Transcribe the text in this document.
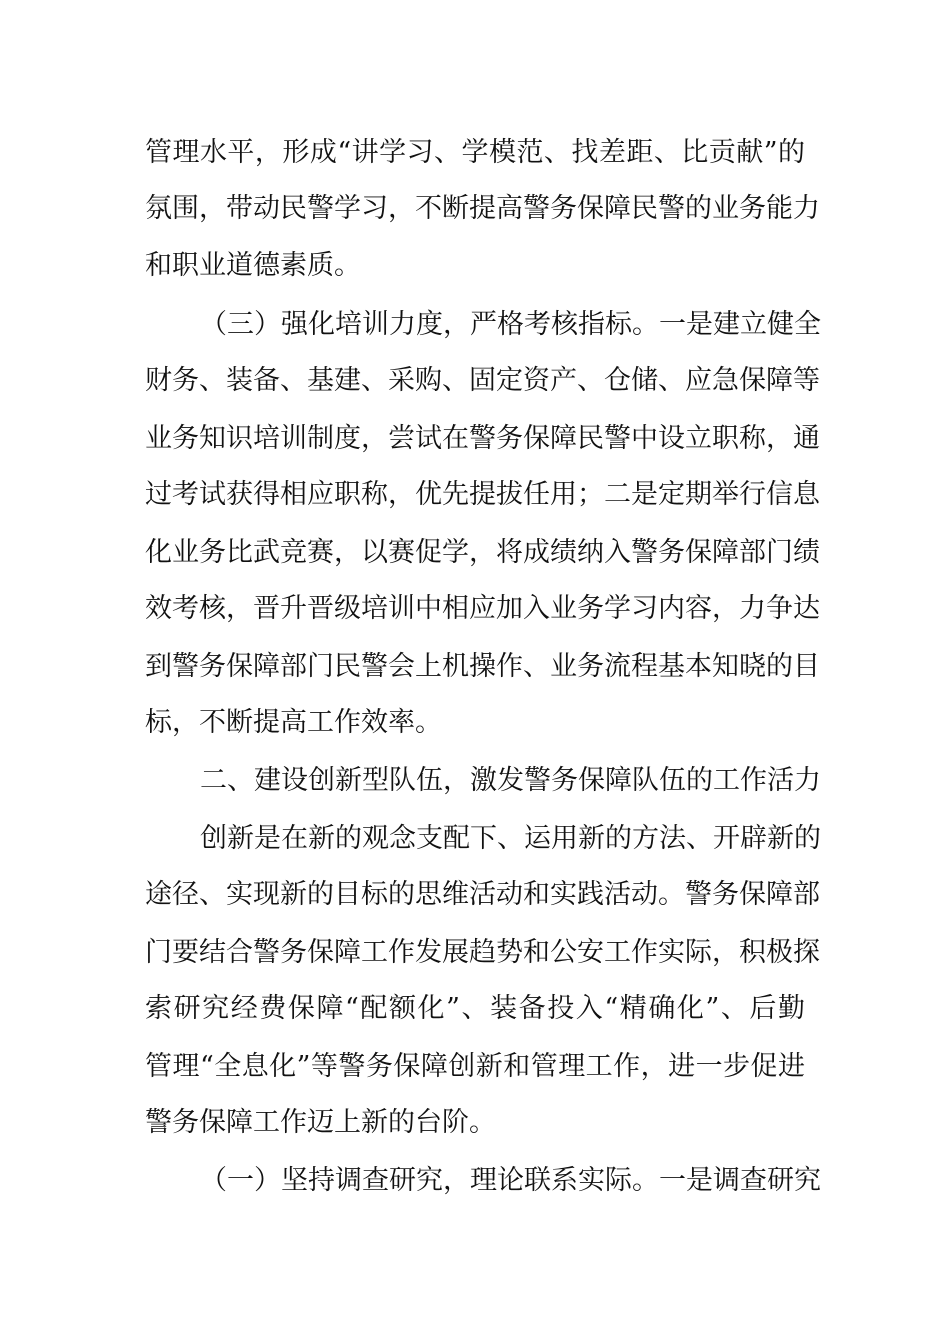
管理水平，形成“讲学习、学模范、找差距、比贡献”的
氛围，带动民警学习，不断提高警务保障民警的业务能力
和职业道德素质。
（三）强化培训力度，严格考核指标。一是建立健全
财务、装备、基建、采购、固定资产、仓储、应急保障等
业务知识培训制度，尝试在警务保障民警中设立职称，通
过考试获得相应职称，优先提拔任用；二是定期举行信息
化业务比武竞赛，以赛促学，将成绩纳入警务保障部门绩
效考核，晋升晋级培训中相应加入业务学习内容，力争达
到警务保障部门民警会上机操作、业务流程基本知晓的目
标，不断提高工作效率。
二、建设创新型队伍，激发警务保障队伍的工作活力
创新是在新的观念支配下、运用新的方法、开辟新的
途径、实现新的目标的思维活动和实践活动。警务保障部
门要结合警务保障工作发展趋势和公安工作实际，积极探
索研究经费保障“配额化”、装备投入“精确化”、后勤
管理“全息化”等警务保障创新和管理工作，进一步促进
警务保障工作迈上新的台阶。
（一）坚持调查研究，理论联系实际。一是调查研究
